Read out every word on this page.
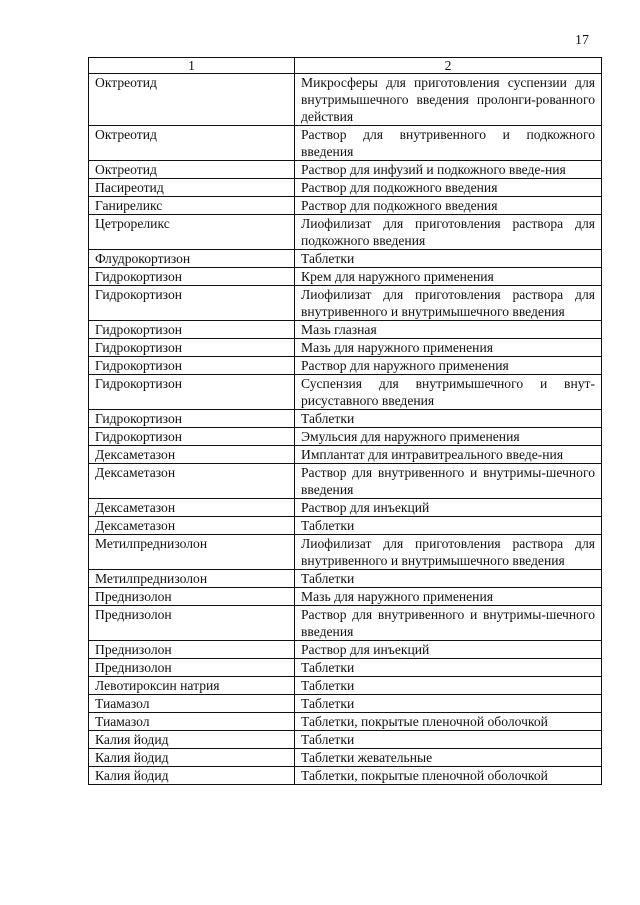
17
1	2
Октреотид	Микросферы для приготовления суспензии для внутримышечного введения пролонги-рованного действия
Октреотид	Раствор для внутривенного и подкожного введения
Октреотид	Раствор для инфузий и подкожного введе-ния
Пасиреотид	Раствор для подкожного введения
Ганиреликс	Раствор для подкожного введения
Цетрореликс	Лиофилизат для приготовления раствора для подкожного введения
Флудрокортизон	Таблетки
Гидрокортизон	Крем для наружного применения
Гидрокортизон	Лиофилизат для приготовления раствора для внутривенного и внутримышечного введения
Гидрокортизон	Мазь глазная
Гидрокортизон	Мазь для наружного применения
Гидрокортизон	Раствор для наружного применения
Гидрокортизон	Суспензия для внутримышечного и внут-рисуставного введения
Гидрокортизон	Таблетки
Гидрокортизон	Эмульсия для наружного применения
Дексаметазон	Имплантат для интравитреального введе-ния
Дексаметазон	Раствор для внутривенного и внутримы-шечного введения
Дексаметазон	Раствор для инъекций
Дексаметазон	Таблетки
Метилпреднизолон	Лиофилизат для приготовления раствора для внутривенного и внутримышечного введения
Метилпреднизолон	Таблетки
Преднизолон	Мазь для наружного применения
Преднизолон	Раствор для внутривенного и внутримы-шечного введения
Преднизолон	Раствор для инъекций
Преднизолон	Таблетки
Левотироксин натрия	Таблетки
Тиамазол	Таблетки
Тиамазол	Таблетки, покрытые пленочной оболочкой
Калия йодид	Таблетки
Калия йодид	Таблетки жевательные
Калия йодид	Таблетки, покрытые пленочной оболочкой
